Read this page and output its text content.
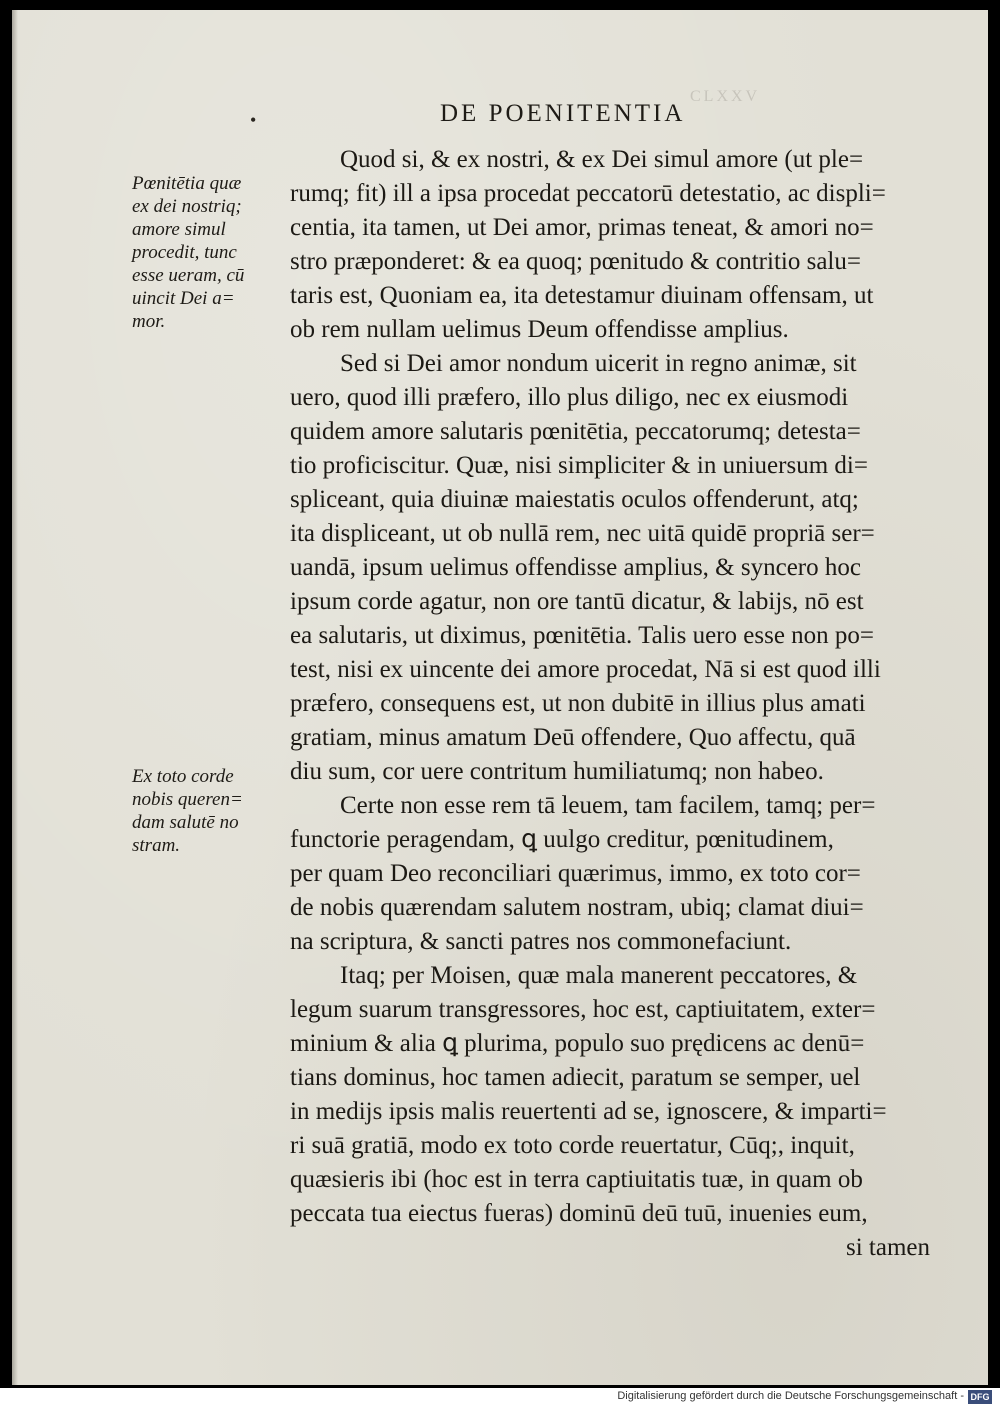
CLXXV
•	DE POENITENTIA
Pœnitētia quæ
ex dei nostriq;
amore simul
procedit, tunc
esse ueram, cū
uincit Dei a=
mor.
Ex toto corde
nobis queren=
dam salutē no
stram.
Quod si, & ex nostri, & ex Dei simul amore (ut ple=
rumq; fit) ill a ipsa procedat peccatorū detestatio, ac displi=
centia, ita tamen, ut Dei amor, primas teneat, & amori no=
stro præponderet: & ea quoq; pœnitudo & contritio salu=
taris est, Quoniam ea, ita detestamur diuinam offensam, ut
ob rem nullam uelimus Deum offendisse amplius.
Sed si Dei amor nondum uicerit in regno animæ, sit
uero, quod illi præfero, illo plus diligo, nec ex eiusmodi
quidem amore salutaris pœnitētia, peccatorumq; detesta=
tio proficiscitur. Quæ, nisi simpliciter & in uniuersum di=
spliceant, quia diuinæ maiestatis oculos offenderunt, atq;
ita displiceant, ut ob nullā rem, nec uitā quidē propriā ser=
uandā, ipsum uelimus offendisse amplius, & syncero hoc
ipsum corde agatur, non ore tantū dicatur, & labijs, nō est
ea salutaris, ut diximus, pœnitētia. Talis uero esse non po=
test, nisi ex uincente dei amore procedat, Nā si est quod illi
præfero, consequens est, ut non dubitē in illius plus amati
gratiam, minus amatum Deū offendere, Quo affectu, quā
diu sum, cor uere contritum humiliatumq; non habeo.
Certe non esse rem tā leuem, tam facilem, tamq; per=
functorie peragendam, ꝗ uulgo creditur, pœnitudinem,
per quam Deo reconciliari quærimus, immo, ex toto cor=
de nobis quærendam salutem nostram, ubiq; clamat diui=
na scriptura, & sancti patres nos commonefaciunt.
Itaq; per Moisen, quæ mala manerent peccatores, &
legum suarum transgressores, hoc est, captiuitatem, exter=
minium & alia ꝗ plurima, populo suo prędicens ac denū=
tians dominus, hoc tamen adiecit, paratum se semper, uel
in medijs ipsis malis reuertenti ad se, ignoscere, & imparti=
ri suā gratiā, modo ex toto corde reuertatur, Cūq;, inquit,
quæsieris ibi (hoc est in terra captiuitatis tuæ, in quam ob
peccata tua eiectus fueras) dominū deū tuū, inuenies eum,
si tamen
Digitalisierung gefördert durch die Deutsche Forschungsgemeinschaft - DFG
